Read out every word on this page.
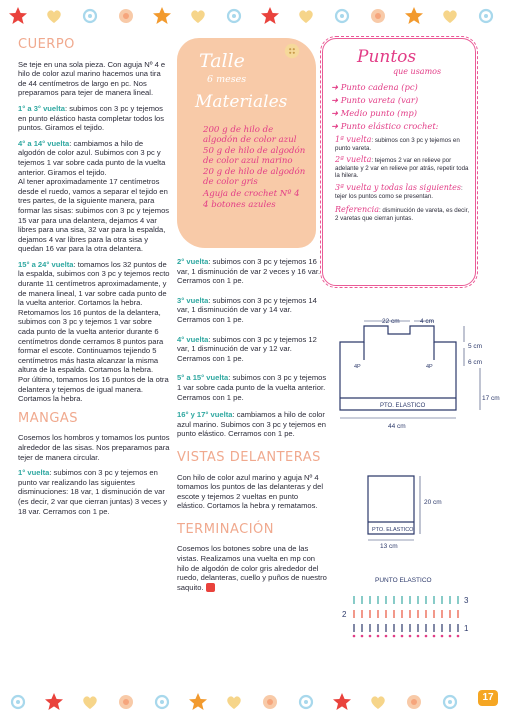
CUERPO

Se teje en una sola pieza. Con aguja Nº 4 e hilo de color azul marino hacemos una tira de 44 centímetros de largo en pc. Nos preparamos para tejer de manera lineal.

1° a 3° vuelta: subimos con 3 pc y tejemos en punto elástico hasta completar todos los puntos. Giramos el tejido.

4° a 14° vuelta: cambiamos a hilo de algodón de color azul. Subimos con 3 pc y tejemos 1 var sobre cada punto de la vuelta anterior. Giramos el tejido.

Al tener aproximadamente 17 centímetros desde el ruedo, vamos a separar el tejido en tres partes, de la siguiente manera, para formar las sisas: subimos con 3 pc y tejemos 15 var para una delantera, dejamos 4 var libres para una sisa, 32 var para la espalda, dejamos 4 var libres para la otra sisa y quedan 16 var para la otra delantera.

15° a 24° vuelta: tomamos los 32 puntos de la espalda, subimos con 3 pc y tejemos recto durante 11 centímetros aproximadamente, y de manera lineal, 1 var sobre cada punto de la vuelta anterior. Cortamos la hebra.

Retomamos los 16 puntos de la delantera, subimos con 3 pc y tejemos 1 var sobre cada punto de la vuelta anterior durante 6 centímetros donde cerramos 8 puntos para formar el escote. Continuamos tejiendo 5 centímetros más hasta alcanzar la misma altura de la espalda. Cortamos la hebra.

Por último, tomamos los 16 puntos de la otra delantera y tejemos de igual manera. Cortamos la hebra.

MANGAS

Cosemos los hombros y tomamos los puntos alrededor de las sisas. Nos preparamos para tejer de manera circular.

1° vuelta: subimos con 3 pc y tejemos en punto var realizando las siguientes disminuciones: 18 var, 1 disminución de var (es decir, 2 var que cierran juntas) 3 veces y 18 var. Cerramos con 1 pe.

Talle
6 meses
Materiales
200 g de hilo de algodón de color azul
50 g de hilo de algodón de color azul marino
20 g de hilo de algodón de color gris
Aguja de crochet Nº 4
4 botones azules
Puntos
que usamos
➜ Punto cadena (pc)
➜ Punto vareta (var)
➜ Medio punto (mp)
➜ Punto elástico crochet:
1ª vuelta: subimos con 3 pc y tejemos en punto vareta.
2ª vuelta: tejemos 2 var en relieve por adelante y 2 var en relieve por atrás, repetir toda la hilera.
3ª vuelta y todas las siguientes: tejer los puntos como se presentan.
Referencia: disminución de vareta, es decir, 2 varetas que cierran juntas.

2° vuelta: subimos con 3 pc y tejemos 16 var, 1 disminución de var 2 veces y 16 var. Cerramos con 1 pe.

3° vuelta: subimos con 3 pc y tejemos 14 var, 1 disminución de var y 14 var. Cerramos con 1 pe.

4° vuelta: subimos con 3 pc y tejemos 12 var, 1 disminución de var y 12 var. Cerramos con 1 pe.

5° a 15° vuelta: subimos con 3 pc y tejemos 1 var sobre cada punto de la vuelta anterior. Cerramos con 1 pe.

16° y 17° vuelta: cambiamos a hilo de color azul marino. Subimos con 3 pc y tejemos en punto elástico. Cerramos con 1 pe.

VISTAS DELANTERAS

Con hilo de color azul marino y aguja Nº 4 tomamos los puntos de las delanteras y del escote y tejemos 2 vueltas en punto elástico. Cortamos la hebra y rematamos.

TERMINACIÓN

Cosemos los botones sobre una de las vistas. Realizamos una vuelta en mp con hilo de algodón de color gris alrededor del ruedo, delanteras, cuello y puños de nuestro saquito.

22 cm	4 cm
5 cm
6 cm
17 cm
44 cm
4P	4P
PTO. ELASTICO
20 cm
13 cm
PTO. ELASTICO
PUNTO ELASTICO
3
2
1
17
